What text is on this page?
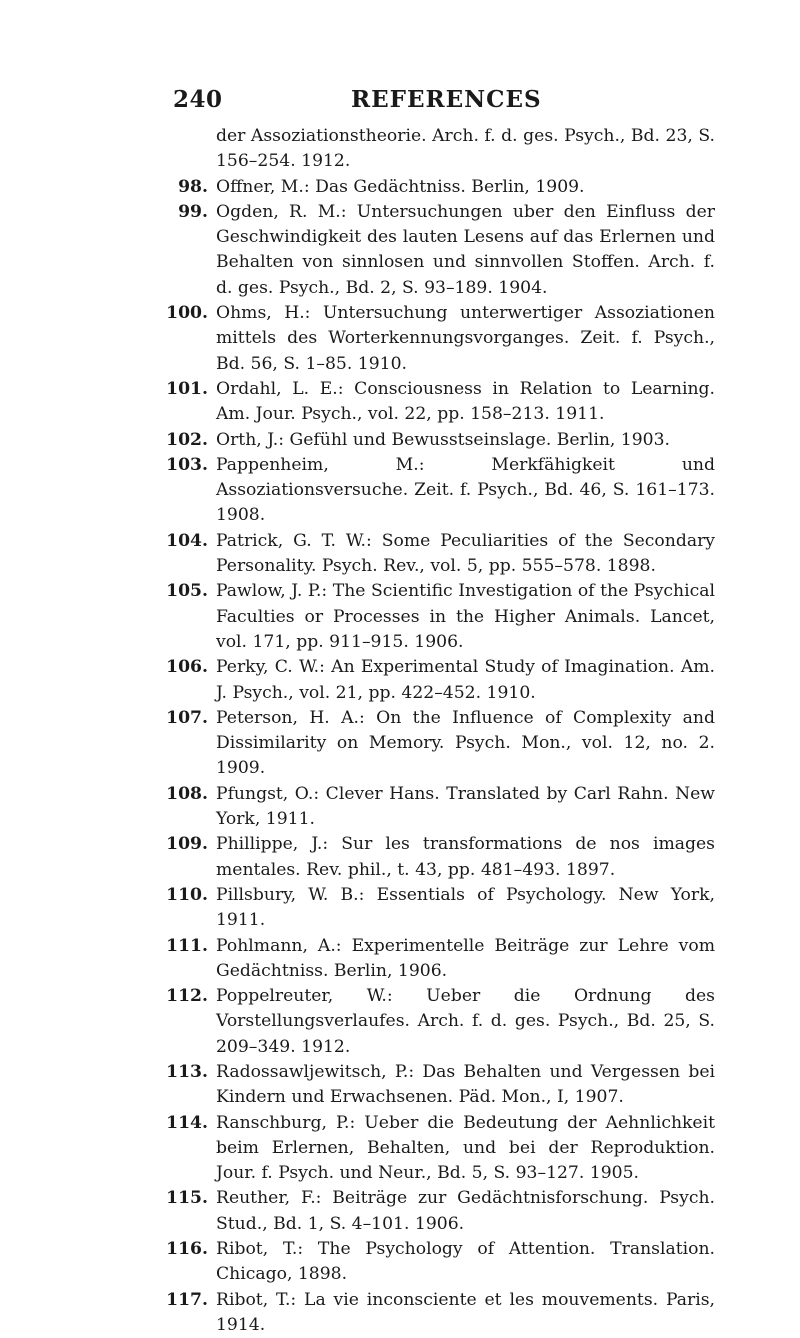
240	REFERENCES
der Assoziationstheorie. Arch. f. d. ges. Psych., Bd. 23, S. 156–254. 1912.
98. Offner, M.: Das Gedächtniss. Berlin, 1909.
99. Ogden, R. M.: Untersuchungen uber den Einfluss der Geschwindigkeit des lauten Lesens auf das Erlernen und Behalten von sinnlosen und sinnvollen Stoffen. Arch. f. d. ges. Psych., Bd. 2, S. 93–189. 1904.
100. Ohms, H.: Untersuchung unterwertiger Assoziationen mittels des Worterkennungsvorganges. Zeit. f. Psych., Bd. 56, S. 1–85. 1910.
101. Ordahl, L. E.: Consciousness in Relation to Learning. Am. Jour. Psych., vol. 22, pp. 158–213. 1911.
102. Orth, J.: Gefühl und Bewusstseinslage. Berlin, 1903.
103. Pappenheim, M.: Merkfähigkeit und Assoziationsversuche. Zeit. f. Psych., Bd. 46, S. 161–173. 1908.
104. Patrick, G. T. W.: Some Peculiarities of the Secondary Personality. Psych. Rev., vol. 5, pp. 555–578. 1898.
105. Pawlow, J. P.: The Scientific Investigation of the Psychical Faculties or Processes in the Higher Animals. Lancet, vol. 171, pp. 911–915. 1906.
106. Perky, C. W.: An Experimental Study of Imagination. Am. J. Psych., vol. 21, pp. 422–452. 1910.
107. Peterson, H. A.: On the Influence of Complexity and Dissimilarity on Memory. Psych. Mon., vol. 12, no. 2. 1909.
108. Pfungst, O.: Clever Hans. Translated by Carl Rahn. New York, 1911.
109. Phillippe, J.: Sur les transformations de nos images mentales. Rev. phil., t. 43, pp. 481–493. 1897.
110. Pillsbury, W. B.: Essentials of Psychology. New York, 1911.
111. Pohlmann, A.: Experimentelle Beiträge zur Lehre vom Gedächtniss. Berlin, 1906.
112. Poppelreuter, W.: Ueber die Ordnung des Vorstellungsverlaufes. Arch. f. d. ges. Psych., Bd. 25, S. 209–349. 1912.
113. Radossawljewitsch, P.: Das Behalten und Vergessen bei Kindern und Erwachsenen. Päd. Mon., I, 1907.
114. Ranschburg, P.: Ueber die Bedeutung der Aehnlichkeit beim Erlernen, Behalten, und bei der Reproduktion. Jour. f. Psych. und Neur., Bd. 5, S. 93–127. 1905.
115. Reuther, F.: Beiträge zur Gedächtnisforschung. Psych. Stud., Bd. 1, S. 4–101. 1906.
116. Ribot, T.: The Psychology of Attention. Translation. Chicago, 1898.
117. Ribot, T.: La vie inconsciente et les mouvements. Paris, 1914.
